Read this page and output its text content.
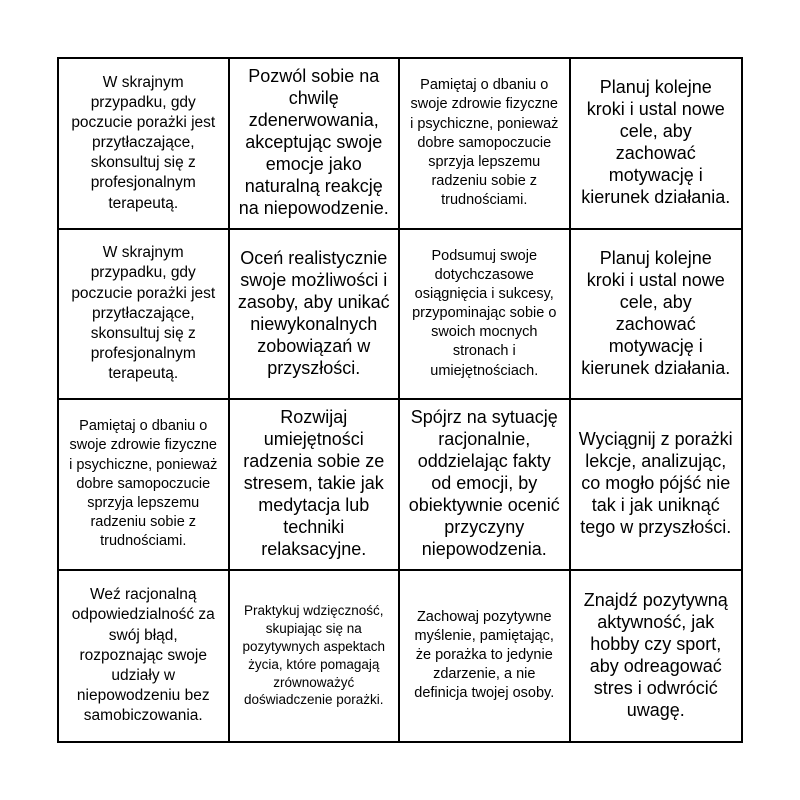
W skrajnym przypadku, gdy poczucie porażki jest przytłaczające, skonsultuj się z profesjonalnym terapeutą.
Pozwól sobie na chwilę zdenerwowania, akceptując swoje emocje jako naturalną reakcję na niepowodzenie.
Pamiętaj o dbaniu o swoje zdrowie fizyczne i psychiczne, ponieważ dobre samopoczucie sprzyja lepszemu radzeniu sobie z trudnościami.
Planuj kolejne kroki i ustal nowe cele, aby zachować motywację i kierunek działania.
W skrajnym przypadku, gdy poczucie porażki jest przytłaczające, skonsultuj się z profesjonalnym terapeutą.
Oceń realistycznie swoje możliwości i zasoby, aby unikać niewykonalnych zobowiązań w przyszłości.
Podsumuj swoje dotychczasowe osiągnięcia i sukcesy, przypominając sobie o swoich mocnych stronach i umiejętnościach.
Planuj kolejne kroki i ustal nowe cele, aby zachować motywację i kierunek działania.
Pamiętaj o dbaniu o swoje zdrowie fizyczne i psychiczne, ponieważ dobre samopoczucie sprzyja lepszemu radzeniu sobie z trudnościami.
Rozwijaj umiejętności radzenia sobie ze stresem, takie jak medytacja lub techniki relaksacyjne.
Spójrz na sytuację racjonalnie, oddzielając fakty od emocji, by obiektywnie ocenić przyczyny niepowodzenia.
Wyciągnij z porażki lekcje, analizując, co mogło pójść nie tak i jak uniknąć tego w przyszłości.
Weź racjonalną odpowiedzialność za swój błąd, rozpoznając swoje udziały w niepowodzeniu bez samobiczowania.
Praktykuj wdzięczność, skupiając się na pozytywnych aspektach życia, które pomagają zrównoważyć doświadczenie porażki.
Zachowaj pozytywne myślenie, pamiętając, że porażka to jedynie zdarzenie, a nie definicja twojej osoby.
Znajdź pozytywną aktywność, jak hobby czy sport, aby odreagować stres i odwrócić uwagę.
